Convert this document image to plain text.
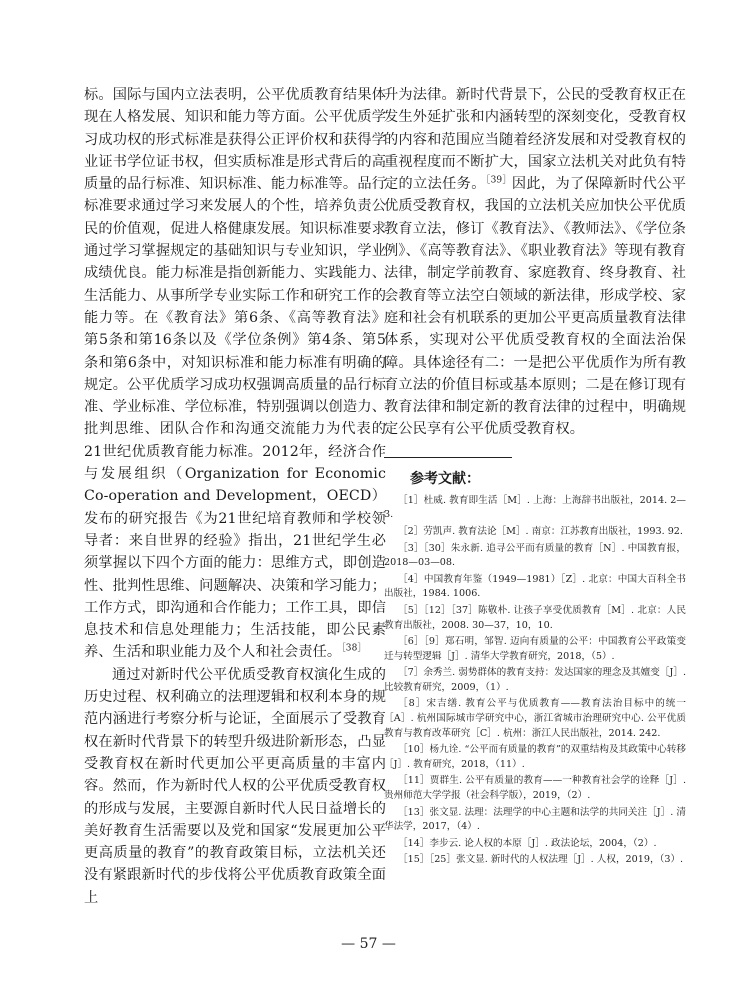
标。国际与国内立法表明，公平优质教育结果体现在人格发展、知识和能力等方面。公平优质学习成功权的形式标准是获得公正评价权和获得学业证书学位证书权，但实质标准是形式背后的高质量的品行标准、知识标准、能力标准等。品行标准要求通过学习来发展人的个性，培养负责公民的价值观，促进人格健康发展。知识标准要求通过学习掌握规定的基础知识与专业知识，学业成绩优良。能力标准是指创新能力、实践能力、生活能力、从事所学专业实际工作和研究工作的能力等。在《教育法》第6条、《高等教育法》第5条和第16条以及《学位条例》第4条、第5条和第6条中，对知识标准和能力标准有明确的规定。公平优质学习成功权强调高质量的品行标准、学业标准、学位标准，特别强调以创造力、批判思维、团队合作和沟通交流能力为代表的21世纪优质教育能力标准。2012年，经济合作与发展组织（Organization for Economic Co-operation and Development，OECD）发布的研究报告《为21世纪培育教师和学校领导者：来自世界的经验》指出，21世纪学生必须掌握以下四个方面的能力：思维方式，即创造性、批判性思维、问题解决、决策和学习能力；工作方式，即沟通和合作能力；工作工具，即信息技术和信息处理能力；生活技能，即公民素养、生活和职业能力及个人和社会责任。$^{[38]}$

通过对新时代公平优质受教育权演化生成的历史过程、权利确立的法理逻辑和权利本身的规范内涵进行考察分析与论证，全面展示了受教育权在新时代背景下的转型升级进阶新形态，凸显受教育权在新时代更加公平更高质量的丰富内容。然而，作为新时代人权的公平优质受教育权的形成与发展，主要源自新时代人民日益增长的美好教育生活需要以及党和国家“发展更加公平更高质量的教育”的教育政策目标，立法机关还没有紧跟新时代的步伐将公平优质教育政策全面上

升为法律。新时代背景下，公民的受教育权正在发生外延扩张和内涵转型的深刻变化，受教育权的内容和范围应当随着经济发展和对受教育权的重视程度而不断扩大，国家立法机关对此负有特定的立法任务。$^{[39]}$因此，为了保障新时代公平优质受教育权，我国的立法机关应加快公平优质教育立法，修订《教育法》、《教师法》、《学位条例》、《高等教育法》、《职业教育法》等现有教育法律，制定学前教育、家庭教育、终身教育、社会教育等立法空白领域的新法律，形成学校、家庭和社会有机联系的更加公平更高质量教育法律体系，实现对公平优质受教育权的全面法治保障。具体途径有二：一是把公平优质作为所有教育立法的价值目标或基本原则；二是在修订现有教育法律和制定新的教育法律的过程中，明确规定公民享有公平优质受教育权。

参考文献：
［1］杜威. 教育即生活［M］. 上海：上海辞书出版社，2014. 2—3.
［2］劳凯声. 教育法论［M］. 南京：江苏教育出版社，1993. 92.
［3］［30］朱永新. 追寻公平而有质量的教育［N］. 中国教育报，2018—03—08.
［4］中国教育年鉴（1949—1981）［Z］. 北京：中国大百科全书出版社，1984. 1006.
［5］［12］［37］陈敬朴. 让孩子享受优质教育［M］. 北京：人民教育出版社，2008. 30—37，10，10.
［6］［9］郑石明，邹智. 迈向有质量的公平：中国教育公平政策变迁与转型逻辑［J］. 清华大学教育研究，2018，（5）.
［7］余秀兰. 弱势群体的教育支持：发达国家的理念及其嬗变［J］. 比较教育研究，2009，（1）.
［8］宋吉缮. 教育公平与优质教育——教育法治目标中的统一［A］. 杭州国际城市学研究中心，浙江省城市治理研究中心. 公平优质教育与教育改革研究［C］. 杭州：浙江人民出版社，2014. 242.
［10］杨九诠. “公平而有质量的教育”的双重结构及其政策中心转移［J］. 教育研究，2018，（11）.
［11］贾群生. 公平有质量的教育——一种教育社会学的诠释［J］. 贵州师范大学学报（社会科学版），2019，（2）.
［13］张文显. 法理：法理学的中心主题和法学的共同关注［J］. 清华法学，2017，（4）.
［14］李步云. 论人权的本原［J］. 政法论坛，2004，（2）.
［15］［25］张文显. 新时代的人权法理［J］. 人权，2019，（3）.
— 57 —
